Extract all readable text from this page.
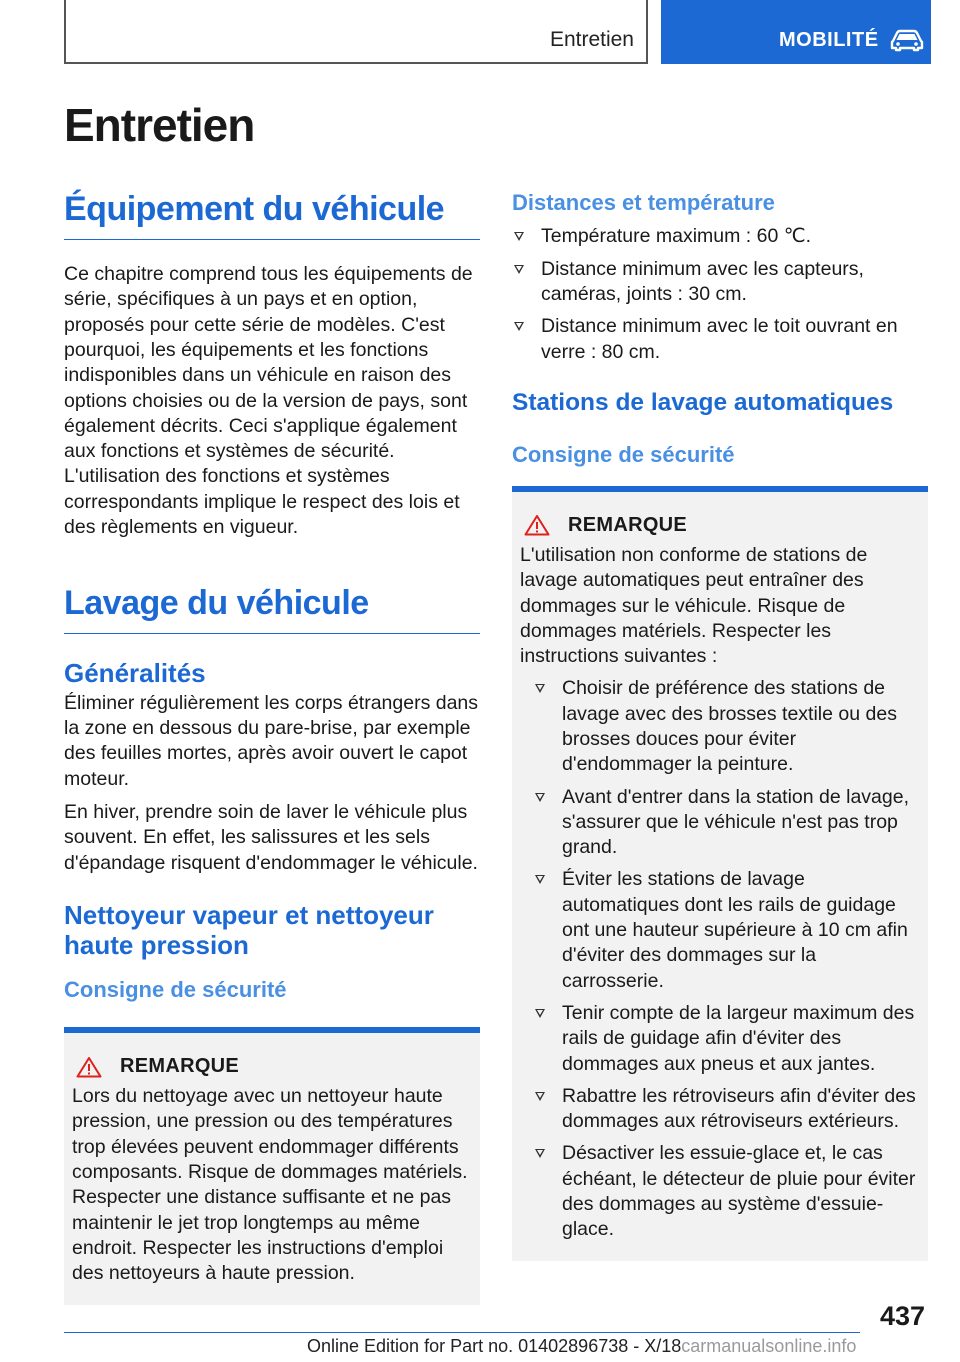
Entretien	MOBILITÉ
Entretien
Équipement du véhicule

Ce chapitre comprend tous les équipements de série, spécifiques à un pays et en option, proposés pour cette série de modèles. C'est pourquoi, les équipements et les fonctions indisponibles dans un véhicule en raison des options choisies ou de la version de pays, sont également décrits. Ceci s'applique également aux fonctions et systèmes de sécurité. L'utilisation des fonctions et systèmes correspondants implique le respect des lois et des règlements en vigueur.

Lavage du véhicule
Généralités

Éliminer régulièrement les corps étrangers dans la zone en dessous du pare-brise, par exemple des feuilles mortes, après avoir ouvert le capot moteur.

En hiver, prendre soin de laver le véhicule plus souvent. En effet, les salissures et les sels d'épandage risquent d'endommager le véhicule.

Nettoyeur vapeur et nettoyeur haute pression
Consigne de sécurité
REMARQUE

Lors du nettoyage avec un nettoyeur haute pression, une pression ou des températures trop élevées peuvent endommager différents composants. Risque de dommages matériels. Respecter une distance suffisante et ne pas maintenir le jet trop longtemps au même endroit. Respecter les instructions d'emploi des nettoyeurs à haute pression.

Distances et température
Température maximum : 60 ℃.
Distance minimum avec les capteurs, caméras, joints : 30 cm.
Distance minimum avec le toit ouvrant en verre : 80 cm.
Stations de lavage automatiques
Consigne de sécurité
REMARQUE

L'utilisation non conforme de stations de lavage automatiques peut entraîner des dommages sur le véhicule. Risque de dommages matériels. Respecter les instructions suivantes :

Choisir de préférence des stations de lavage avec des brosses textile ou des brosses douces pour éviter d'endommager la peinture.
Avant d'entrer dans la station de lavage, s'assurer que le véhicule n'est pas trop grand.
Éviter les stations de lavage automatiques dont les rails de guidage ont une hauteur supérieure à 10 cm afin d'éviter des dommages sur la carrosserie.
Tenir compte de la largeur maximum des rails de guidage afin d'éviter des dommages aux pneus et aux jantes.
Rabattre les rétroviseurs afin d'éviter des dommages aux rétroviseurs extérieurs.
Désactiver les essuie-glace et, le cas échéant, le détecteur de pluie pour éviter des dommages au système d'essuie-glace.
437
Online Edition for Part no. 01402896738 - X/18carmanualsonline.info
